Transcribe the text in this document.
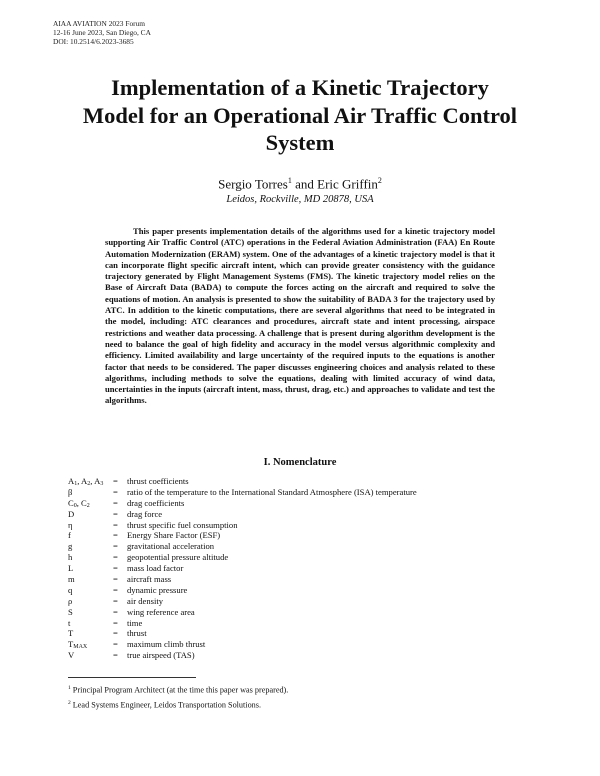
AIAA AVIATION 2023 Forum
12-16 June 2023, San Diego, CA
DOI: 10.2514/6.2023-3685
Implementation of a Kinetic Trajectory
Model for an Operational Air Traffic Control
System
Sergio Torres$^1$ and Eric Griffin$^2$
Leidos, Rockville, MD 20878, USA

This paper presents implementation details of the algorithms used for a kinetic trajectory model supporting Air Traffic Control (ATC) operations in the Federal Aviation Administration (FAA) En Route Automation Modernization (ERAM) system. One of the advantages of a kinetic trajectory model is that it can incorporate flight specific aircraft intent, which can provide greater consistency with the guidance trajectory generated by Flight Management Systems (FMS). The kinetic trajectory model relies on the Base of Aircraft Data (BADA) to compute the forces acting on the aircraft and required to solve the equations of motion. An analysis is presented to show the suitability of BADA 3 for the trajectory used by ATC. In addition to the kinetic computations, there are several algorithms that need to be integrated in the model, including: ATC clearances and procedures, aircraft state and intent processing, airspace restrictions and weather data processing. A challenge that is present during algorithm development is the need to balance the goal of high fidelity and accuracy in the model versus algorithmic complexity and efficiency. Limited availability and large uncertainty of the required inputs to the equations is another factor that needs to be considered. The paper discusses engineering choices and analysis related to these algorithms, including methods to solve the equations, dealing with limited accuracy of wind data, uncertainties in the inputs (aircraft intent, mass, thrust, drag, etc.) and approaches to validate and test the algorithms.

I. Nomenclature
$A_1$, $A_2$, $A_3$	=	thrust coefficients
β	=	ratio of the temperature to the International Standard Atmosphere (ISA) temperature
$C_0$, $C_2$	=	drag coefficients
D	=	drag force
η	=	thrust specific fuel consumption
f	=	Energy Share Factor (ESF)
g	=	gravitational acceleration
h	=	geopotential pressure altitude
L	=	mass load factor
m	=	aircraft mass
q	=	dynamic pressure
ρ	=	air density
S	=	wing reference area
t	=	time
T	=	thrust
$T_{MAX}$	=	maximum climb thrust
V	=	true airspeed (TAS)
$^1$ Principal Program Architect (at the time this paper was prepared).
$^2$ Lead Systems Engineer, Leidos Transportation Solutions.
